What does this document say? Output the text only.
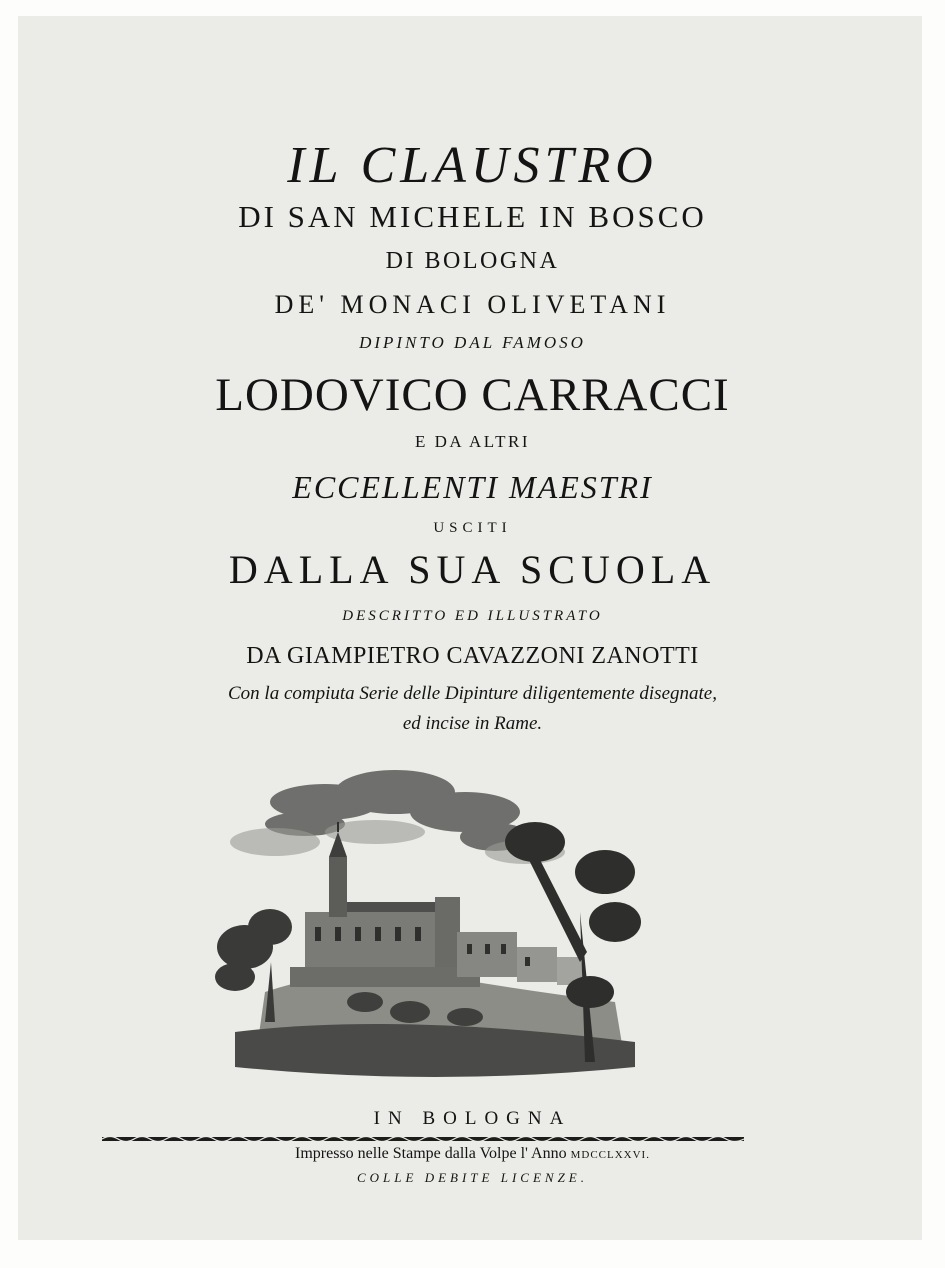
IL CLAUSTRO
DI SAN MICHELE IN BOSCO
DI BOLOGNA
DE' MONACI OLIVETANI
DIPINTO DAL FAMOSO
LODOVICO CARRACCI
E DA ALTRI
ECCELLENTI MAESTRI
USCITI
DALLA SUA SCUOLA
DESCRITTO ED ILLUSTRATO
DA GIAMPIETRO CAVAZZONI ZANOTTI
Con la compiuta Serie delle Dipinture diligentemente disegnate,
ed incise in Rame.
IN BOLOGNA
Impresso nelle Stampe dalla Volpe l' Anno MDCCLXXVI.
COLLE DEBITE LICENZE.
